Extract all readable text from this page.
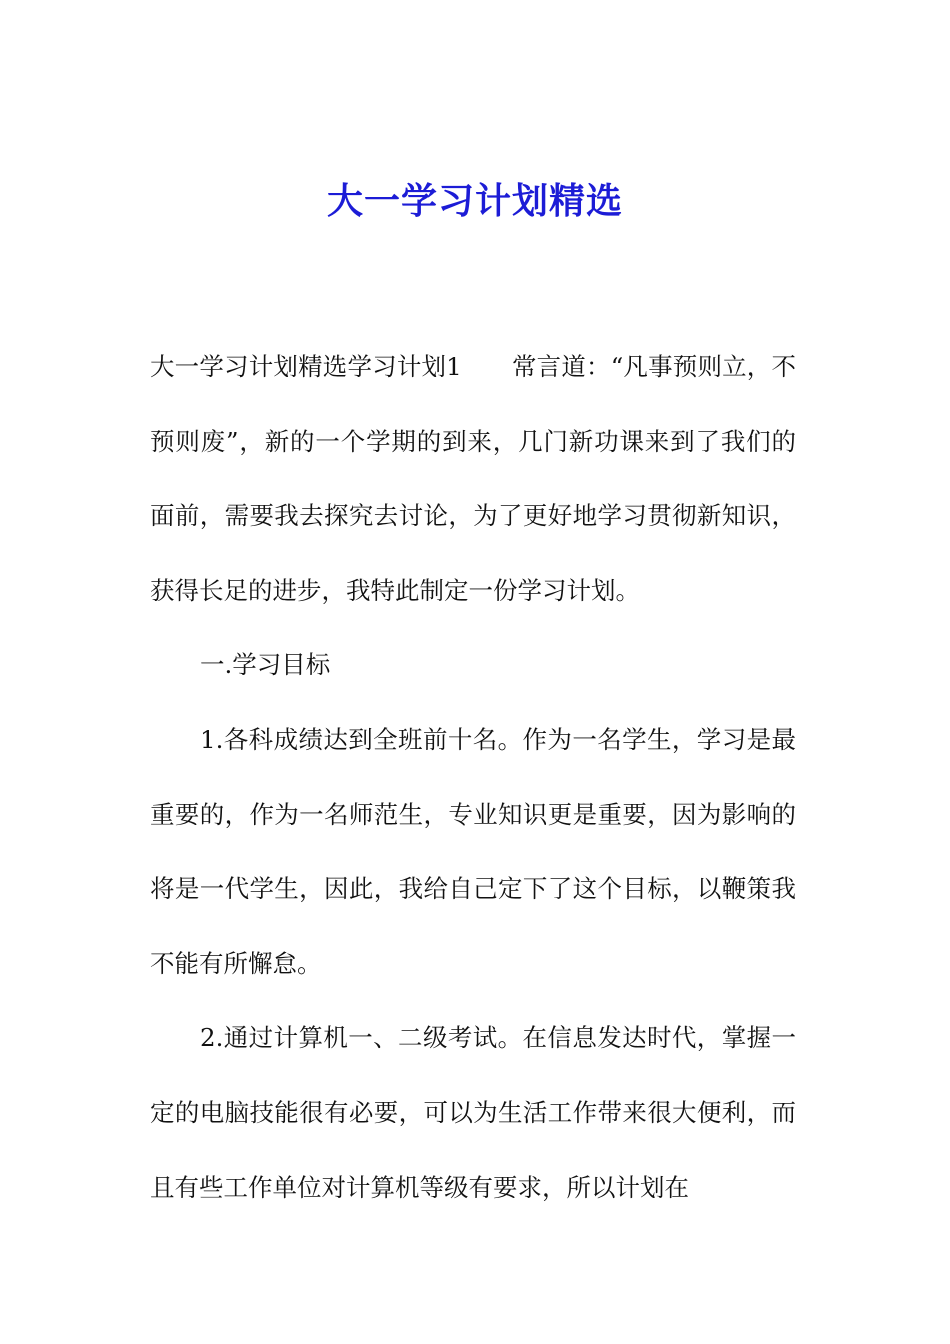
大一学习计划精选

大一学习计划精选学习计划1 常言道：“凡事预则立，不预则废”，新的一个学期的到来，几门新功课来到了我们的面前，需要我去探究去讨论，为了更好地学习贯彻新知识，获得长足的进步，我特此制定一份学习计划。

一.学习目标

1.各科成绩达到全班前十名。作为一名学生，学习是最重要的，作为一名师范生，专业知识更是重要，因为影响的将是一代学生，因此，我给自己定下了这个目标，以鞭策我不能有所懈怠。

2.通过计算机一、二级考试。在信息发达时代，掌握一定的电脑技能很有必要，可以为生活工作带来很大便利，而且有些工作单位对计算机等级有要求，所以计划在
